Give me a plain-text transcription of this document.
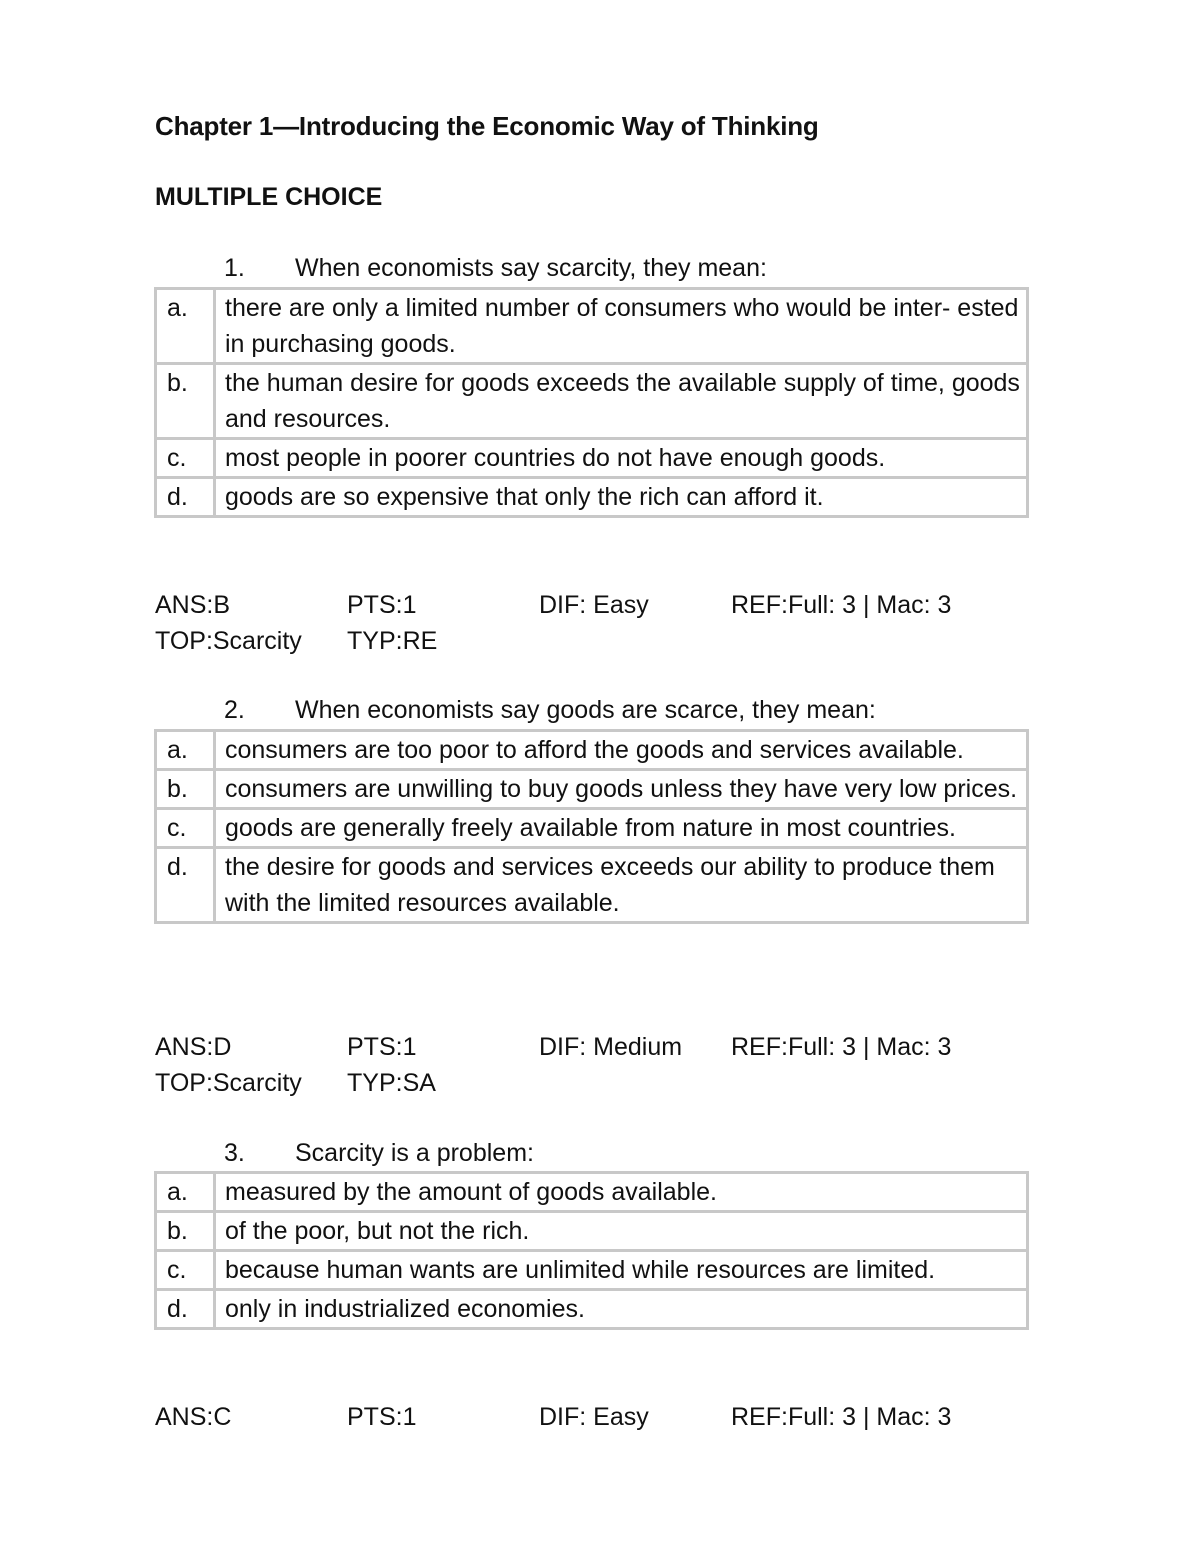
Chapter 1—Introducing the Economic Way of Thinking
MULTIPLE CHOICE
1. When economists say scarcity, they mean:
a.	there are only a limited number of consumers who would be inter- ested in purchasing goods.
b.	the human desire for goods exceeds the available supply of time, goods and resources.
c.	most people in poorer countries do not have enough goods.
d.	goods are so expensive that only the rich can afford it.
ANS:B	PTS:1	DIF: Easy	REF:Full: 3 | Mac: 3
TOP:Scarcity TYP:RE
2. When economists say goods are scarce, they mean:
a.	consumers are too poor to afford the goods and services available.
b.	consumers are unwilling to buy goods unless they have very low prices.
c.	goods are generally freely available from nature in most countries.
d.	the desire for goods and services exceeds our ability to produce them with the limited resources available.
ANS:D	PTS:1	DIF: Medium REF:Full: 3 | Mac: 3
TOP:Scarcity TYP:SA
3. Scarcity is a problem:
a.	measured by the amount of goods available.
b.	of the poor, but not the rich.
c.	because human wants are unlimited while resources are limited.
d.	only in industrialized economies.
ANS:C	PTS:1	DIF: Easy	REF:Full: 3 | Mac: 3
